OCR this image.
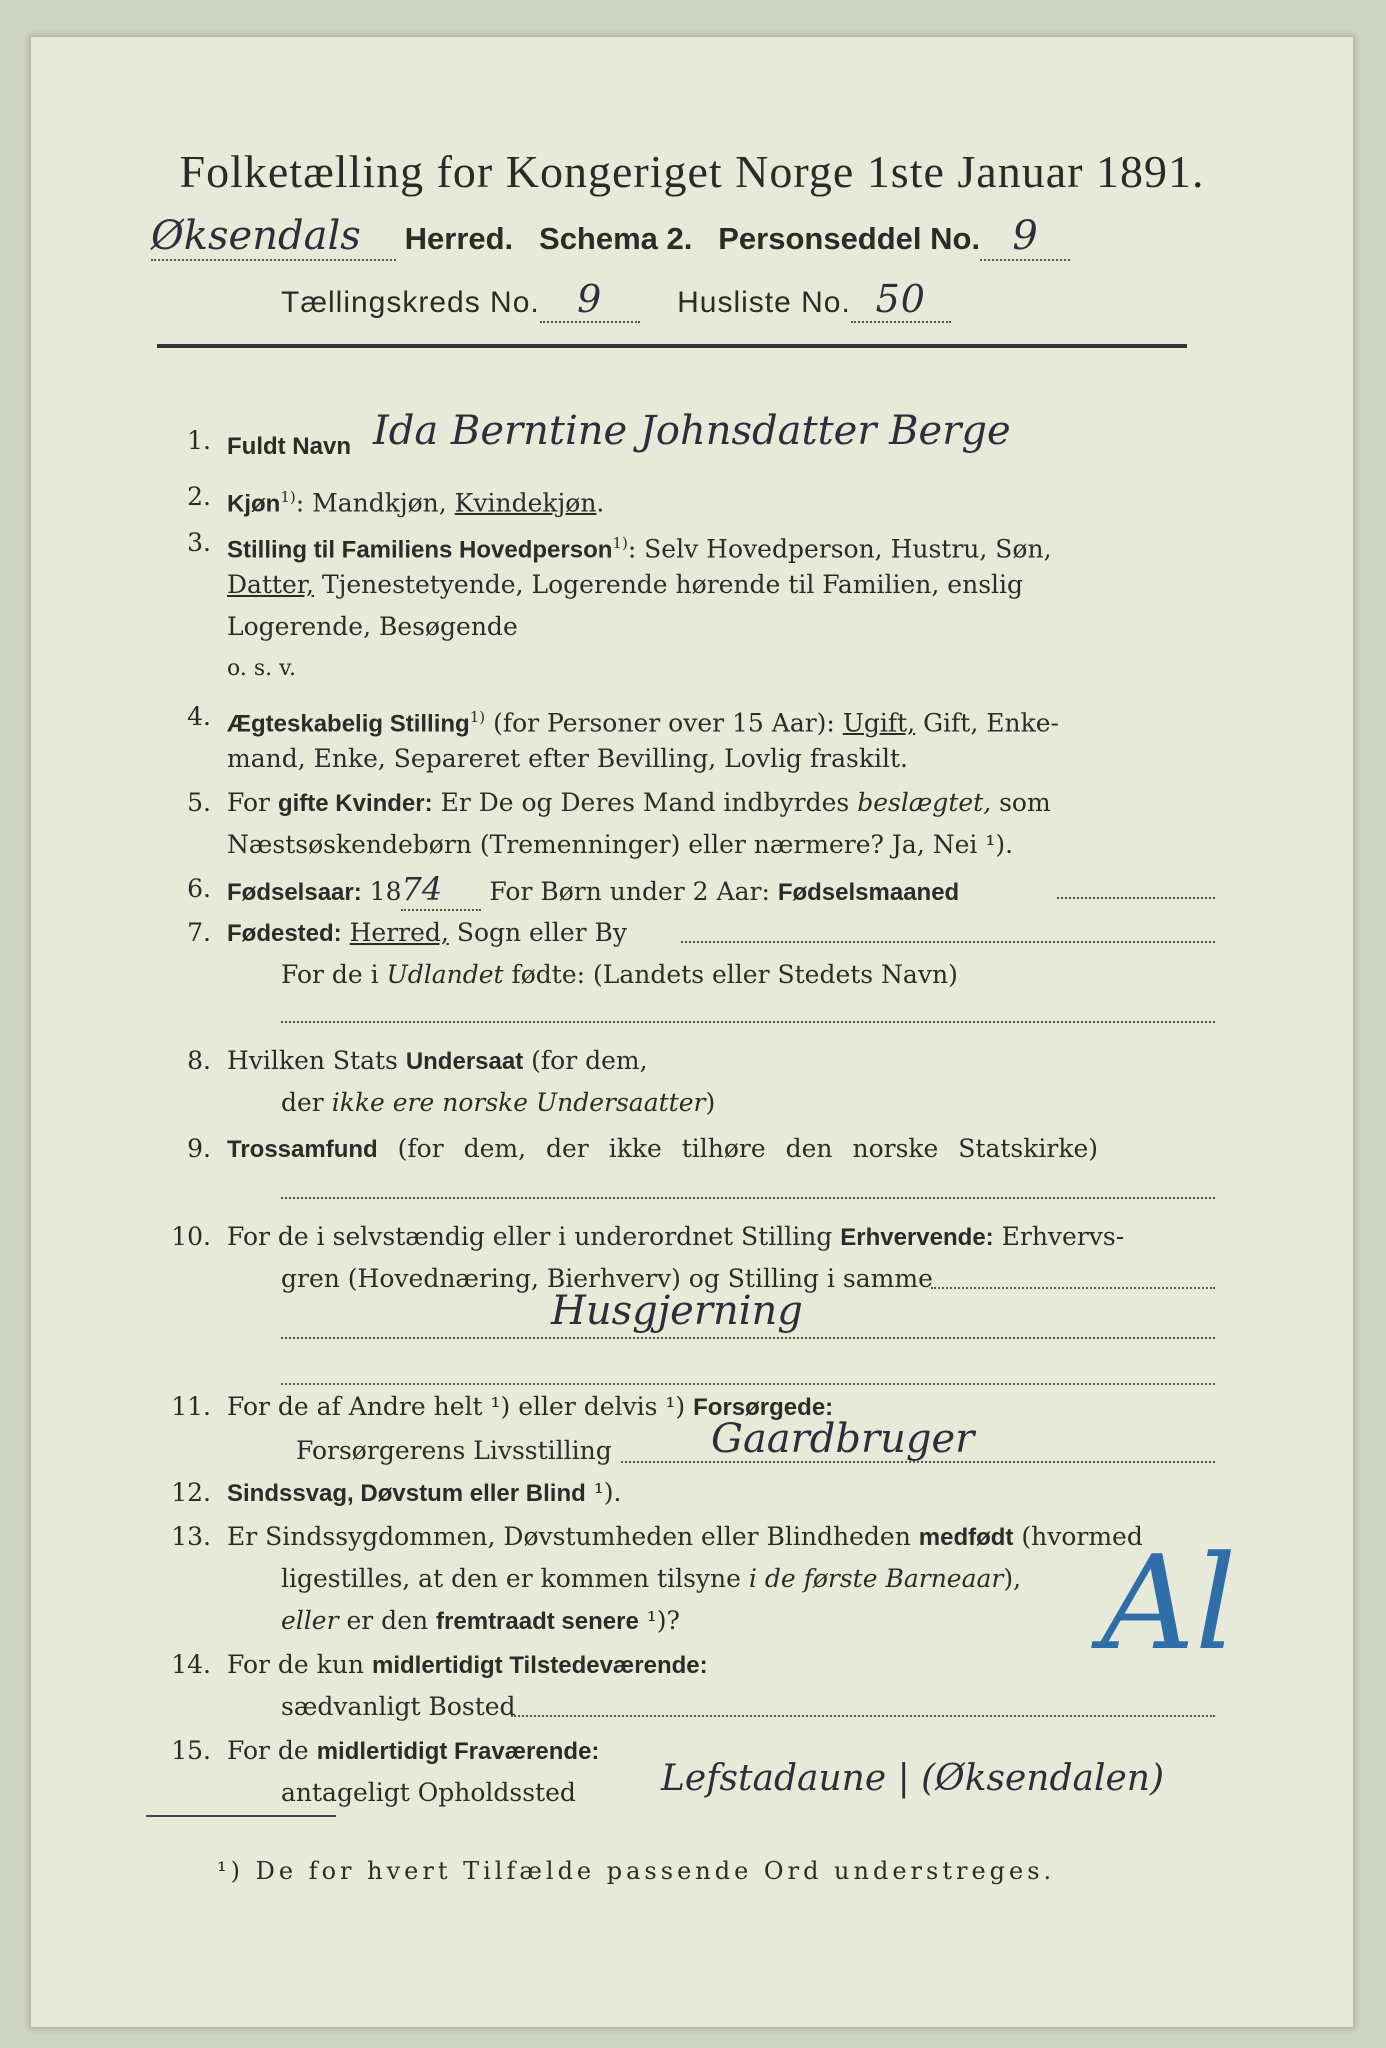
Folketælling for Kongeriget Norge 1ste Januar 1891.
Øksendals Herred. Schema 2. Personseddel No. 9
Tællingskreds No. 9 Husliste No. 50
1. Fuldt Navn Ida Berntine Johnsdatter Berge
2. Kjøn$^{1)}$: Mandkjøn, Kvindekjøn.
3. Stilling til Familiens Hovedperson$^{1)}$: Selv Hovedperson, Hustru, Søn,
Datter, Tjenestetyende, Logerende hørende til Familien, enslig
Logerende, Besøgende
o. s. v.
4. Ægteskabelig Stilling$^{1)}$ (for Personer over 15 Aar): Ugift, Gift, Enke-
mand, Enke, Separeret efter Bevilling, Lovlig fraskilt.
5. For gifte Kvinder: Er De og Deres Mand indbyrdes beslægtet, som
Næstsøskendebørn (Tremenninger) eller nærmere? Ja, Nei ¹).
6. Fødselsaar: 1874 For Børn under 2 Aar: Fødselsmaaned
7. Fødested: Herred, Sogn eller By
For de i Udlandet fødte: (Landets eller Stedets Navn)
8. Hvilken Stats Undersaat (for dem,
der ikke ere norske Undersaatter)
9. Trossamfund (for dem, der ikke tilhøre den norske Statskirke)
10. For de i selvstændig eller i underordnet Stilling Erhvervende: Erhvervs-
gren (Hovednæring, Bierhverv) og Stilling i samme
Husgjerning
11. For de af Andre helt ¹) eller delvis ¹) Forsørgede:
Forsørgerens Livsstilling	Gaardbruger
12. Sindssvag, Døvstum eller Blind ¹).
13. Er Sindssygdommen, Døvstumheden eller Blindheden medfødt (hvormed
ligestilles, at den er kommen tilsyne i de første Barneaar),
eller er den fremtraadt senere ¹)?
14. For de kun midlertidigt Tilstedeværende:
sædvanligt Bosted
15. For de midlertidigt Fraværende:
antageligt Opholdssted	Lefstadaune | (Øksendalen)
¹) De for hvert Tilfælde passende Ord understreges.
Al
